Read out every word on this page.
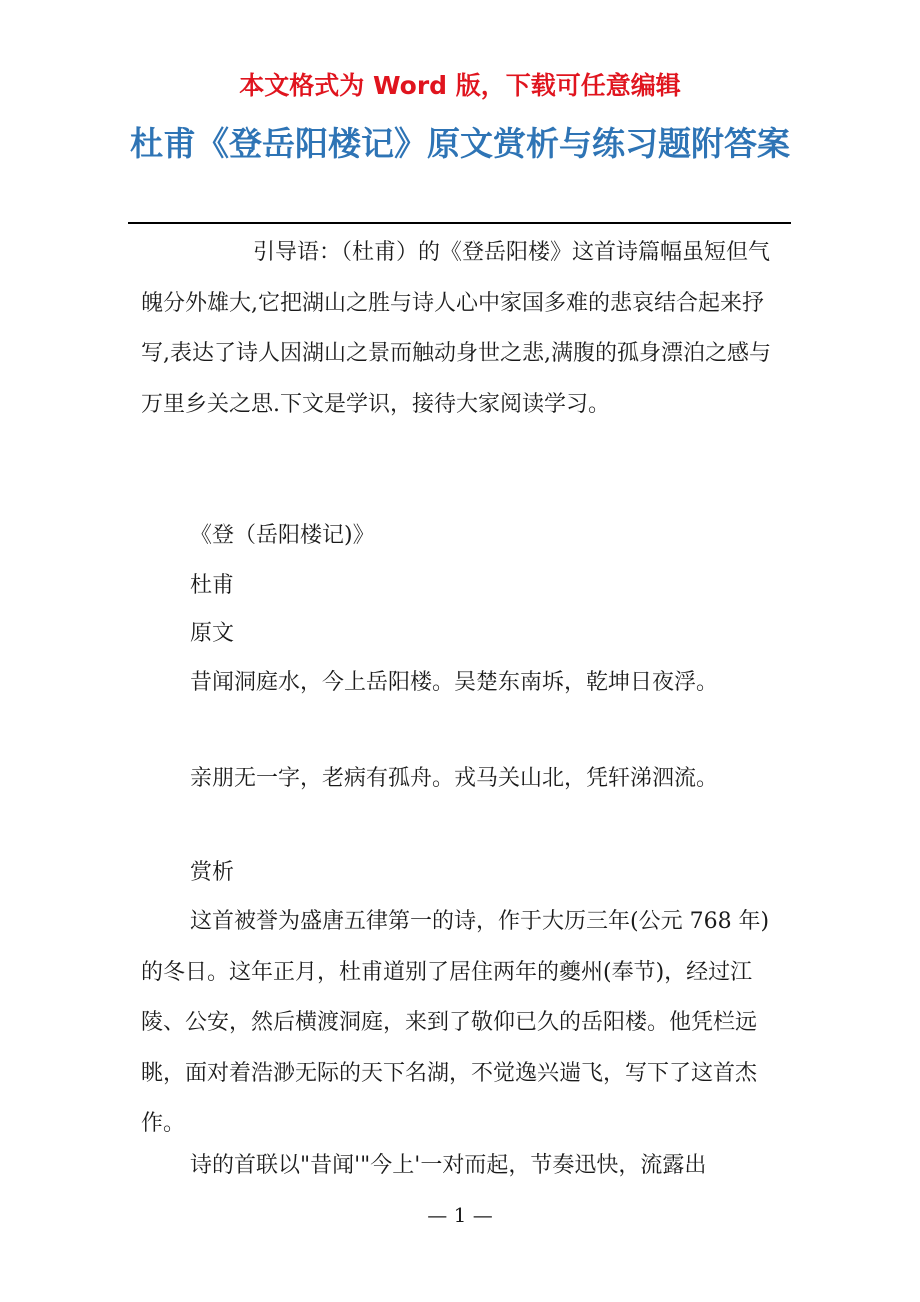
本文格式为 Word 版，下载可任意编辑
杜甫《登岳阳楼记》原文赏析与练习题附答案

引导语：（杜甫）的《登岳阳楼》这首诗篇幅虽短但气魄分外雄大,它把湖山之胜与诗人心中家国多难的悲哀结合起来抒写,表达了诗人因湖山之景而触动身世之悲,满腹的孤身漂泊之感与万里乡关之思.下文是学识，接待大家阅读学习。

《登（岳阳楼记)》

杜甫

原文

昔闻洞庭水，今上岳阳楼。吴楚东南坼，乾坤日夜浮。

亲朋无一字，老病有孤舟。戎马关山北，凭轩涕泗流。

赏析

这首被誉为盛唐五律第一的诗，作于大历三年(公元 768 年)的冬日。这年正月，杜甫道别了居住两年的夔州(奉节)，经过江陵、公安，然后横渡洞庭，来到了敬仰已久的岳阳楼。他凭栏远眺，面对着浩渺无际的天下名湖，不觉逸兴遄飞，写下了这首杰作。

诗的首联以"昔闻'"今上'一对而起，节奏迅快，流露出

— 1 —
